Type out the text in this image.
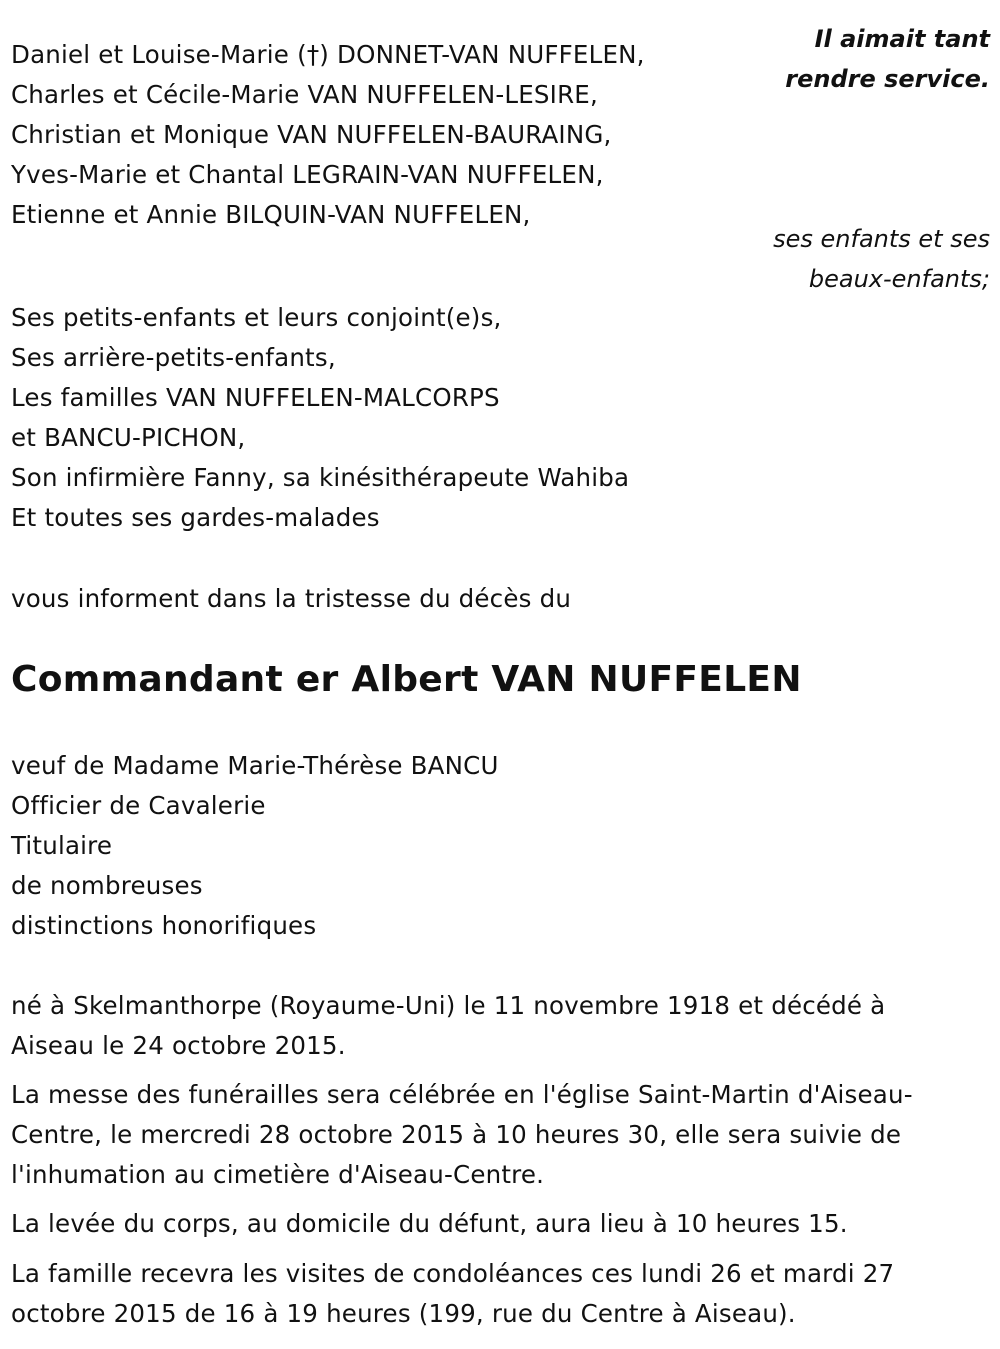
Daniel et Louise-Marie (†) DONNET-VAN NUFFELEN,
Charles et Cécile-Marie VAN NUFFELEN-LESIRE,
Christian et Monique VAN NUFFELEN-BAURAING,
Yves-Marie et Chantal LEGRAIN-VAN NUFFELEN,
Etienne et Annie BILQUIN-VAN NUFFELEN,
Il aimait tant
rendre service.
ses enfants et ses
beaux-enfants;
Ses petits-enfants et leurs conjoint(e)s,
Ses arrière-petits-enfants,
Les familles VAN NUFFELEN-MALCORPS
et BANCU-PICHON,
Son infirmière Fanny, sa kinésithérapeute Wahiba
Et toutes ses gardes-malades
vous informent dans la tristesse du décès du
Commandant er Albert VAN NUFFELEN
veuf de Madame Marie-Thérèse BANCU
Officier de Cavalerie
Titulaire
de nombreuses
distinctions honorifiques
né à Skelmanthorpe (Royaume-Uni) le 11 novembre 1918 et décédé à
Aiseau le 24 octobre 2015.
La messe des funérailles sera célébrée en l'église Saint-Martin d'Aiseau-
Centre, le mercredi 28 octobre 2015 à 10 heures 30, elle sera suivie de
l'inhumation au cimetière d'Aiseau-Centre.
La levée du corps, au domicile du défunt, aura lieu à 10 heures 15.
La famille recevra les visites de condoléances ces lundi 26 et mardi 27
octobre 2015 de 16 à 19 heures (199, rue du Centre à Aiseau).
